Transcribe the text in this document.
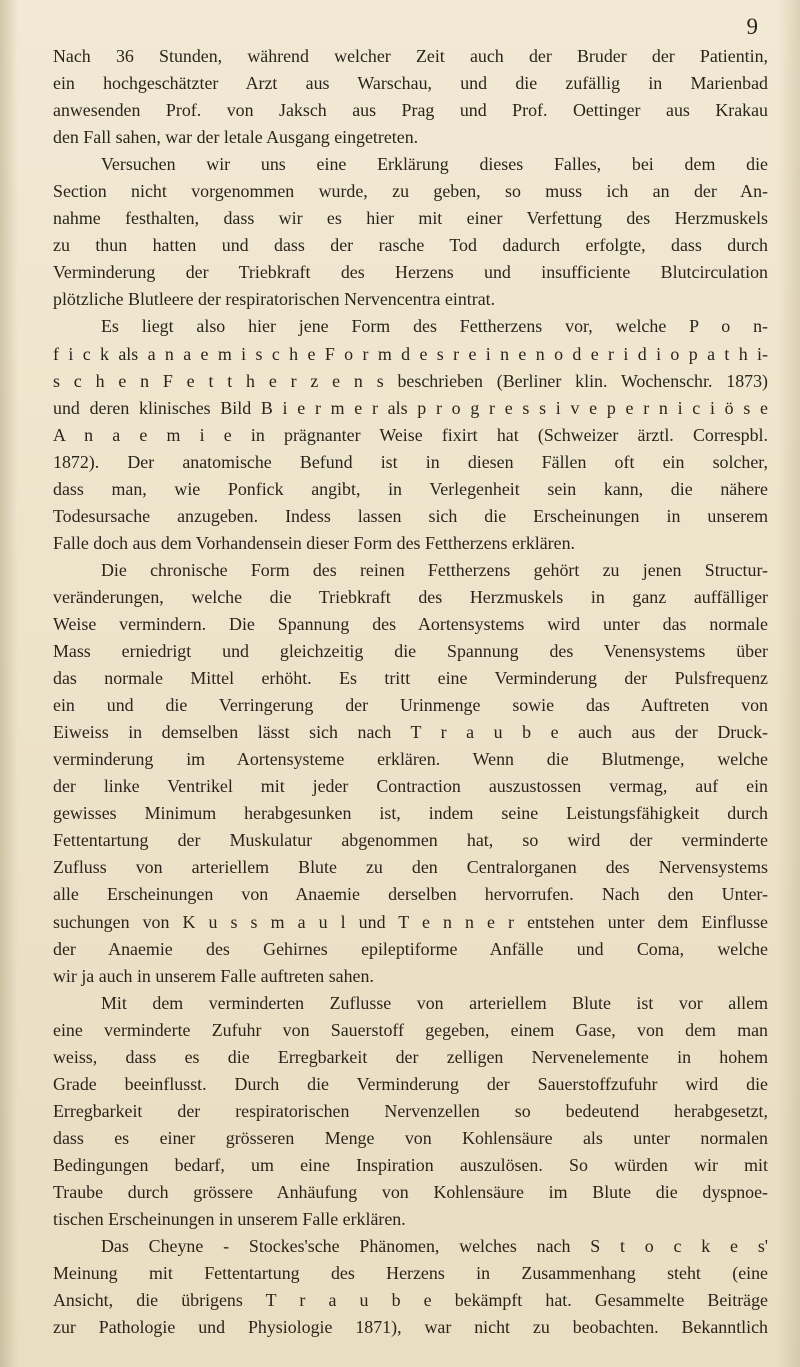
9

Nach 36 Stunden, während welcher Zeit auch der Bruder der Patientin,
ein hochgeschätzter Arzt aus Warschau, und die zufällig in Marienbad
anwesenden Prof. von Jaksch aus Prag und Prof. Oettinger aus Krakau
den Fall sahen, war der letale Ausgang eingetreten.
Versuchen wir uns eine Erklärung dieses Falles, bei dem die
Section nicht vorgenommen wurde, zu geben, so muss ich an der An-
nahme festhalten, dass wir es hier mit einer Verfettung des Herzmuskels
zu thun hatten und dass der rasche Tod dadurch erfolgte, dass durch
Verminderung der Triebkraft des Herzens und insufficiente Blutcirculation
plötzliche Blutleere der respiratorischen Nervencentra eintrat.
Es liegt also hier jene Form des Fettherzens vor, welche P o n-
f i c k als a n a e m i s c h e F o r m d e s r e i n e n o d e r i d i o p a t h i-
s c h e n F e t t h e r z e n s beschrieben (Berliner klin. Wochenschr. 1873)
und deren klinisches Bild B i e r m e r als p r o g r e s s i v e p e r n i c i ö s e
A n a e m i e in prägnanter Weise fixirt hat (Schweizer ärztl. Correspbl.
1872). Der anatomische Befund ist in diesen Fällen oft ein solcher,
dass man, wie Ponfick angibt, in Verlegenheit sein kann, die nähere
Todesursache anzugeben. Indess lassen sich die Erscheinungen in unserem
Falle doch aus dem Vorhandensein dieser Form des Fettherzens erklären.
Die chronische Form des reinen Fettherzens gehört zu jenen Structur-
veränderungen, welche die Triebkraft des Herzmuskels in ganz auffälliger
Weise vermindern. Die Spannung des Aortensystems wird unter das normale
Mass erniedrigt und gleichzeitig die Spannung des Venensystems über
das normale Mittel erhöht. Es tritt eine Verminderung der Pulsfrequenz
ein und die Verringerung der Urinmenge sowie das Auftreten von
Eiweiss in demselben lässt sich nach T r a u b e auch aus der Druck-
verminderung im Aortensysteme erklären. Wenn die Blutmenge, welche
der linke Ventrikel mit jeder Contraction auszustossen vermag, auf ein
gewisses Minimum herabgesunken ist, indem seine Leistungsfähigkeit durch
Fettentartung der Muskulatur abgenommen hat, so wird der verminderte
Zufluss von arteriellem Blute zu den Centralorganen des Nervensystems
alle Erscheinungen von Anaemie derselben hervorrufen. Nach den Unter-
suchungen von K u s s m a u l und T e n n e r entstehen unter dem Einflusse
der Anaemie des Gehirnes epileptiforme Anfälle und Coma, welche
wir ja auch in unserem Falle auftreten sahen.
Mit dem verminderten Zuflusse von arteriellem Blute ist vor allem
eine verminderte Zufuhr von Sauerstoff gegeben, einem Gase, von dem man
weiss, dass es die Erregbarkeit der zelligen Nervenelemente in hohem
Grade beeinflusst. Durch die Verminderung der Sauerstoffzufuhr wird die
Erregbarkeit der respiratorischen Nervenzellen so bedeutend herabgesetzt,
dass es einer grösseren Menge von Kohlensäure als unter normalen
Bedingungen bedarf, um eine Inspiration auszulösen. So würden wir mit
Traube durch grössere Anhäufung von Kohlensäure im Blute die dyspnoe-
tischen Erscheinungen in unserem Falle erklären.
Das Cheyne - Stockes'sche Phänomen, welches nach S t o c k e s'
Meinung mit Fettentartung des Herzens in Zusammenhang steht (eine
Ansicht, die übrigens T r a u b e bekämpft hat. Gesammelte Beiträge
zur Pathologie und Physiologie 1871), war nicht zu beobachten. Bekanntlich
